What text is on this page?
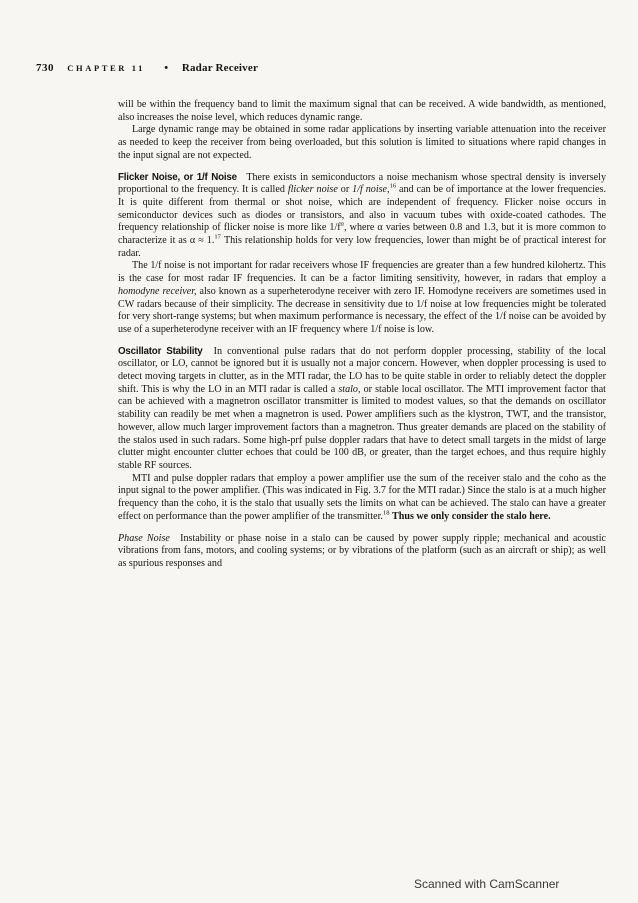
730 CHAPTER 11 • Radar Receiver

will be within the frequency band to limit the maximum signal that can be received. A wide bandwidth, as mentioned, also increases the noise level, which reduces dynamic range.

Large dynamic range may be obtained in some radar applications by inserting variable attenuation into the receiver as needed to keep the receiver from being overloaded, but this solution is limited to situations where rapid changes in the input signal are not expected.

Flicker Noise, or 1/f Noise There exists in semiconductors a noise mechanism whose spectral density is inversely proportional to the frequency. It is called flicker noise or 1/f noise,$^{16}$ and can be of importance at the lower frequencies. It is quite different from thermal or shot noise, which are independent of frequency. Flicker noise occurs in semiconductor devices such as diodes or transistors, and also in vacuum tubes with oxide-coated cathodes. The frequency relationship of flicker noise is more like $1/f^\alpha$, where α varies between 0.8 and 1.3, but it is more common to characterize it as α ≈ 1.17 This relationship holds for very low frequencies, lower than might be of practical interest for radar.

The 1/f noise is not important for radar receivers whose IF frequencies are greater than a few hundred kilohertz. This is the case for most radar IF frequencies. It can be a factor limiting sensitivity, however, in radars that employ a homodyne receiver, also known as a superheterodyne receiver with zero IF. Homodyne receivers are sometimes used in CW radars because of their simplicity. The decrease in sensitivity due to 1/f noise at low frequencies might be tolerated for very short-range systems; but when maximum performance is necessary, the effect of the 1/f noise can be avoided by use of a superheterodyne receiver with an IF frequency where 1/f noise is low.

Oscillator Stability In conventional pulse radars that do not perform doppler processing, stability of the local oscillator, or LO, cannot be ignored but it is usually not a major concern. However, when doppler processing is used to detect moving targets in clutter, as in the MTI radar, the LO has to be quite stable in order to reliably detect the doppler shift. This is why the LO in an MTI radar is called a stalo, or stable local oscillator. The MTI improvement factor that can be achieved with a magnetron oscillator transmitter is limited to modest values, so that the demands on oscillator stability can readily be met when a magnetron is used. Power amplifiers such as the klystron, TWT, and the transistor, however, allow much larger improvement factors than a magnetron. Thus greater demands are placed on the stability of the stalos used in such radars. Some high-prf pulse doppler radars that have to detect small targets in the midst of large clutter might encounter clutter echoes that could be 100 dB, or greater, than the target echoes, and thus require highly stable RF sources.

MTI and pulse doppler radars that employ a power amplifier use the sum of the receiver stalo and the coho as the input signal to the power amplifier. (This was indicated in Fig. 3.7 for the MTI radar.) Since the stalo is at a much higher frequency than the coho, it is the stalo that usually sets the limits on what can be achieved. The stalo can have a greater effect on performance than the power amplifier of the transmitter.$^{18}$ Thus we only consider the stalo here.

Phase Noise Instability or phase noise in a stalo can be caused by power supply ripple; mechanical and acoustic vibrations from fans, motors, and cooling systems; or by vibrations of the platform (such as an aircraft or ship); as well as spurious responses and

Scanned with CamScanner
